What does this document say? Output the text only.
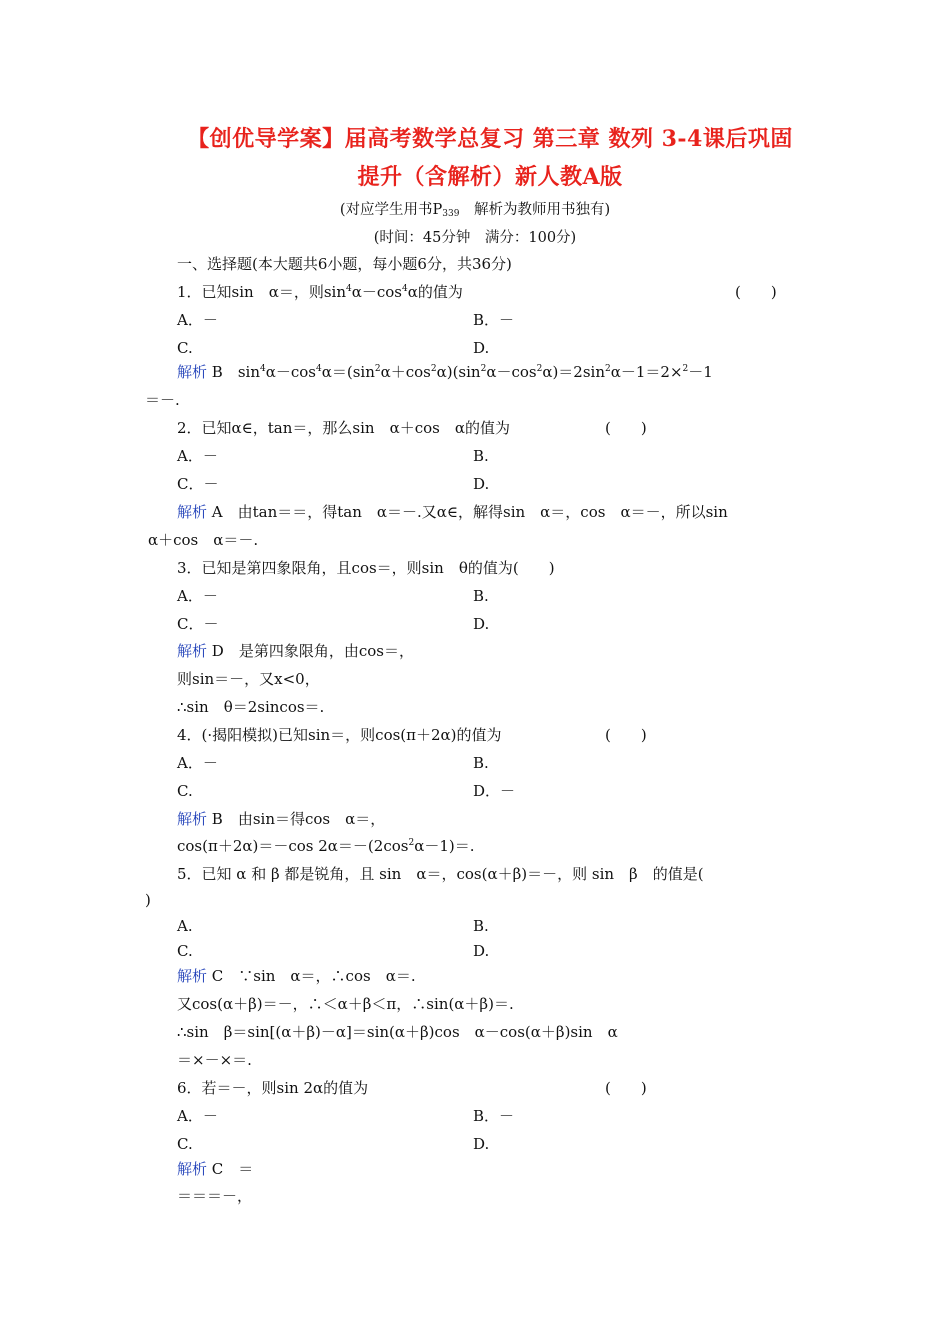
【创优导学案】届高考数学总复习 第三章 数列 3-4课后巩固
提升（含解析）新人教A版
(对应学生用书$P_{339}$　解析为教师用书独有)
(时间：45分钟　满分：100分)
一、选择题(本大题共6小题，每小题6分，共36分)
1．已知sin　α＝，则$\sin^4\alpha-\cos^4\alpha$的值为	(　　)
A．－	B．－
C.	D.
解析 B　$\sin^4\alpha-\cos^4\alpha=(\sin^2\alpha+\cos^2\alpha)(\sin^2\alpha-\cos^2\alpha)=2\sin^2\alpha-1=2\times^2-1$
＝－.
2．已知α∈，tan＝，那么sin　α＋cos　α的值为	(　　)
A．－	B.
C．－	D.
解析 A　由tan＝＝，得tan　α＝－.又α∈，解得sin　α＝，cos　α＝－，所以sin
α＋cos　α＝－.
3．已知是第四象限角，且cos＝，则sin　θ的值为(　　)
A．－	B.
C．－	D.
解析 D　是第四象限角，由cos＝，
则sin＝－，又x<0，
∴sin　θ＝2sincos＝.
4．(·揭阳模拟)已知sin＝，则cos(π＋2α)的值为	(　　)
A．－	B.
C.	D．－
解析 B　由sin＝得cos　α＝，
cos(π＋2α)＝－cos $2\alpha=-(2\cos^2\alpha-1)=$.
5．已知 α 和 β 都是锐角，且 sin　α＝，cos(α＋β)＝－，则 sin　β　的值是(
)
A.	B.
C.	D.
解析 C　∵sin　α＝，∴cos　α＝.
又cos(α＋β)＝－，∴＜α＋β＜π，∴sin(α＋β)＝.
∴sin　β＝sin[(α＋β)－α]＝sin(α＋β)cos　α－cos(α＋β)sin　α
＝×－×＝.
6．若＝－，则sin 2α的值为	(　　)
A．－	B．－
C.	D.
解析 C　＝
＝＝＝－，
